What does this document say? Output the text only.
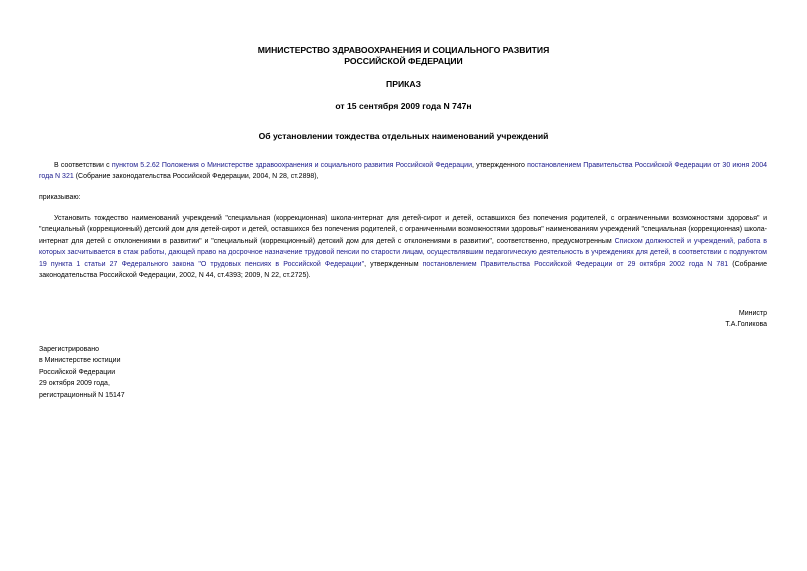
МИНИСТЕРСТВО ЗДРАВООХРАНЕНИЯ И СОЦИАЛЬНОГО РАЗВИТИЯ
РОССИЙСКОЙ ФЕДЕРАЦИИ
ПРИКАЗ
от 15 сентября 2009 года N 747н
Об установлении тождества отдельных наименований учреждений
В соответствии с пунктом 5.2.62 Положения о Министерстве здравоохранения и социального развития Российской Федерации, утвержденного постановлением Правительства Российской Федерации от 30 июня 2004 года N 321 (Собрание законодательства Российской Федерации, 2004, N 28, ст.2898),
приказываю:
Установить тождество наименований учреждений "специальная (коррекционная) школа-интернат для детей-сирот и детей, оставшихся без попечения родителей, с ограниченными возможностями здоровья" и "специальный (коррекционный) детский дом для детей-сирот и детей, оставшихся без попечения родителей, с ограниченными возможностями здоровья" наименованиям учреждений "специальная (коррекционная) школа-интернат для детей с отклонениями в развитии" и "специальный (коррекционный) детский дом для детей с отклонениями в развитии", соответственно, предусмотренным Списком должностей и учреждений, работа в которых засчитывается в стаж работы, дающей право на досрочное назначение трудовой пенсии по старости лицам, осуществлявшим педагогическую деятельность в учреждениях для детей, в соответствии с подпунктом 19 пункта 1 статьи 27 Федерального закона "О трудовых пенсиях в Российской Федерации", утвержденным постановлением Правительства Российской Федерации от 29 октября 2002 года N 781 (Собрание законодательства Российской Федерации, 2002, N 44, ст.4393; 2009, N 22, ст.2725).
Министр
Т.А.Голикова
Зарегистрировано
в Министерстве юстиции
Российской Федерации
29 октября 2009 года,
регистрационный N 15147
